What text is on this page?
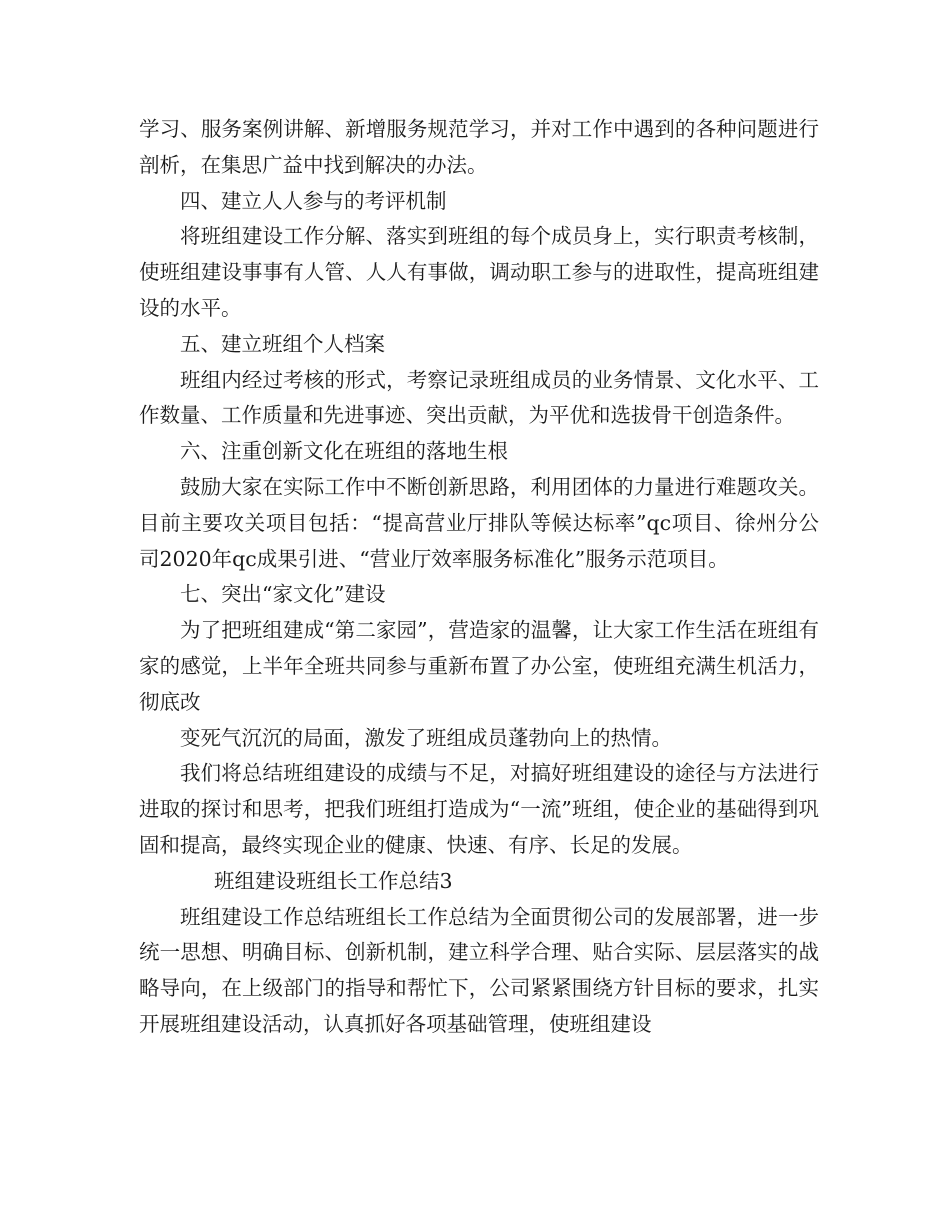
学习、服务案例讲解、新增服务规范学习，并对工作中遇到的各种问题进行剖析，在集思广益中找到解决的办法。

四、建立人人参与的考评机制

将班组建设工作分解、落实到班组的每个成员身上，实行职责考核制，使班组建设事事有人管、人人有事做，调动职工参与的进取性，提高班组建设的水平。

五、建立班组个人档案

班组内经过考核的形式，考察记录班组成员的业务情景、文化水平、工作数量、工作质量和先进事迹、突出贡献，为平优和选拔骨干创造条件。

六、注重创新文化在班组的落地生根

鼓励大家在实际工作中不断创新思路，利用团体的力量进行难题攻关。目前主要攻关项目包括：“提高营业厅排队等候达标率”qc项目、徐州分公司2020年qc成果引进、“营业厅效率服务标准化”服务示范项目。

七、突出“家文化”建设

为了把班组建成“第二家园”，营造家的温馨，让大家工作生活在班组有家的感觉，上半年全班共同参与重新布置了办公室，使班组充满生机活力，彻底改

变死气沉沉的局面，激发了班组成员蓬勃向上的热情。

我们将总结班组建设的成绩与不足，对搞好班组建设的途径与方法进行进取的探讨和思考，把我们班组打造成为“一流”班组，使企业的基础得到巩固和提高，最终实现企业的健康、快速、有序、长足的发展。

班组建设班组长工作总结3

班组建设工作总结班组长工作总结为全面贯彻公司的发展部署，进一步统一思想、明确目标、创新机制，建立科学合理、贴合实际、层层落实的战略导向，在上级部门的指导和帮忙下，公司紧紧围绕方针目标的要求，扎实开展班组建设活动，认真抓好各项基础管理，使班组建设
